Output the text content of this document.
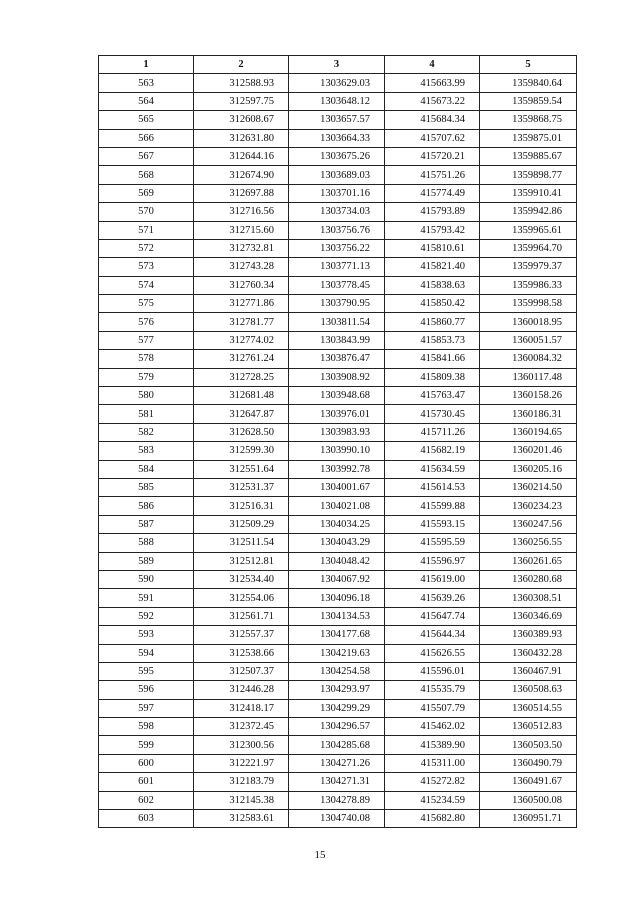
1	2	3	4	5
563	312588.93	1303629.03	415663.99	1359840.64
564	312597.75	1303648.12	415673.22	1359859.54
565	312608.67	1303657.57	415684.34	1359868.75
566	312631.80	1303664.33	415707.62	1359875.01
567	312644.16	1303675.26	415720.21	1359885.67
568	312674.90	1303689.03	415751.26	1359898.77
569	312697.88	1303701.16	415774.49	1359910.41
570	312716.56	1303734.03	415793.89	1359942.86
571	312715.60	1303756.76	415793.42	1359965.61
572	312732.81	1303756.22	415810.61	1359964.70
573	312743.28	1303771.13	415821.40	1359979.37
574	312760.34	1303778.45	415838.63	1359986.33
575	312771.86	1303790.95	415850.42	1359998.58
576	312781.77	1303811.54	415860.77	1360018.95
577	312774.02	1303843.99	415853.73	1360051.57
578	312761.24	1303876.47	415841.66	1360084.32
579	312728.25	1303908.92	415809.38	1360117.48
580	312681.48	1303948.68	415763.47	1360158.26
581	312647.87	1303976.01	415730.45	1360186.31
582	312628.50	1303983.93	415711.26	1360194.65
583	312599.30	1303990.10	415682.19	1360201.46
584	312551.64	1303992.78	415634.59	1360205.16
585	312531.37	1304001.67	415614.53	1360214.50
586	312516.31	1304021.08	415599.88	1360234.23
587	312509.29	1304034.25	415593.15	1360247.56
588	312511.54	1304043.29	415595.59	1360256.55
589	312512.81	1304048.42	415596.97	1360261.65
590	312534.40	1304067.92	415619.00	1360280.68
591	312554.06	1304096.18	415639.26	1360308.51
592	312561.71	1304134.53	415647.74	1360346.69
593	312557.37	1304177.68	415644.34	1360389.93
594	312538.66	1304219.63	415626.55	1360432.28
595	312507.37	1304254.58	415596.01	1360467.91
596	312446.28	1304293.97	415535.79	1360508.63
597	312418.17	1304299.29	415507.79	1360514.55
598	312372.45	1304296.57	415462.02	1360512.83
599	312300.56	1304285.68	415389.90	1360503.50
600	312221.97	1304271.26	415311.00	1360490.79
601	312183.79	1304271.31	415272.82	1360491.67
602	312145.38	1304278.89	415234.59	1360500.08
603	312583.61	1304740.08	415682.80	1360951.71
15
